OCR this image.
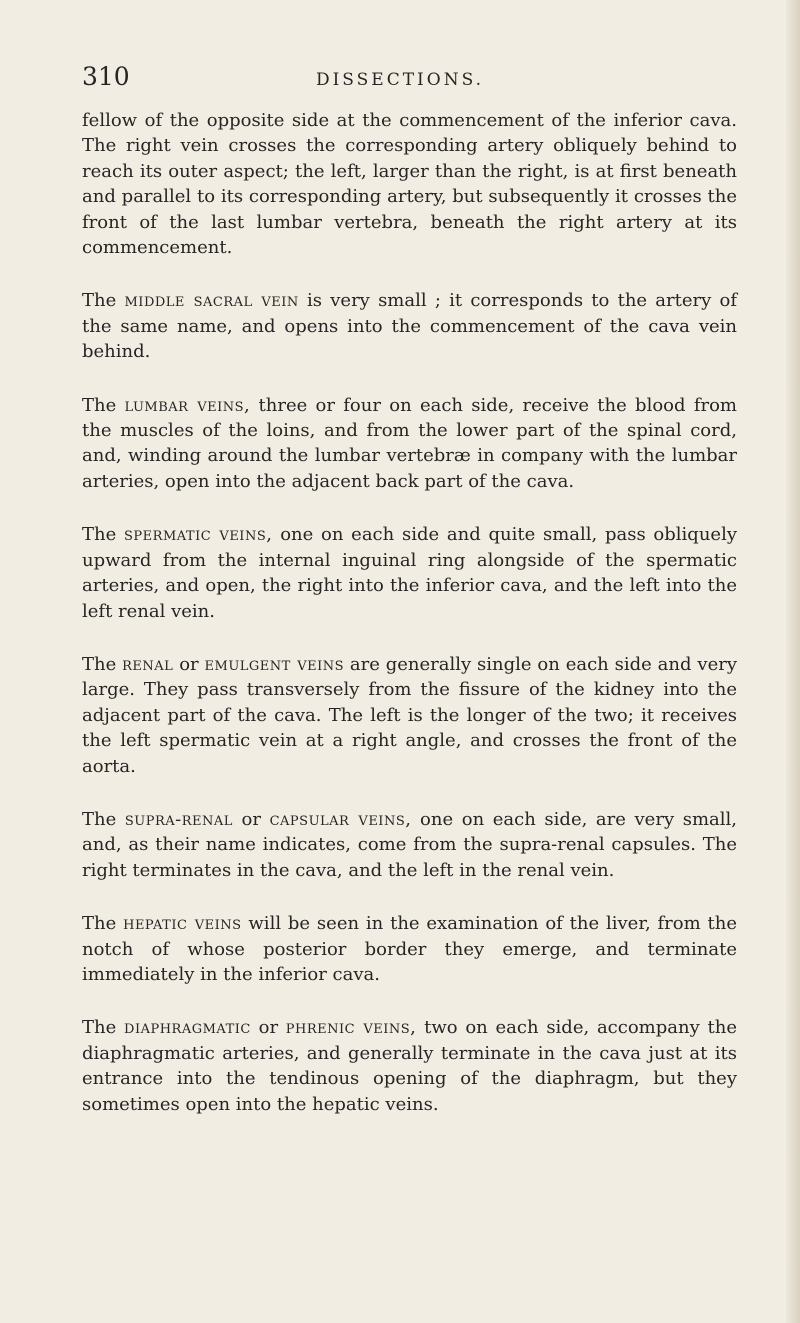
310	DISSECTIONS.

fellow of the opposite side at the commencement of the inferior cava. The right vein crosses the corresponding artery obliquely behind to reach its outer aspect; the left, larger than the right, is at first beneath and parallel to its corresponding artery, but subsequently it crosses the front of the last lumbar vertebra, beneath the right artery at its commencement.

The middle sacral vein is very small ; it corresponds to the artery of the same name, and opens into the commencement of the cava vein behind.

The lumbar veins, three or four on each side, receive the blood from the muscles of the loins, and from the lower part of the spinal cord, and, winding around the lumbar vertebræ in company with the lumbar arteries, open into the adjacent back part of the cava.

The spermatic veins, one on each side and quite small, pass obliquely upward from the internal inguinal ring alongside of the spermatic arteries, and open, the right into the inferior cava, and the left into the left renal vein.

The renal or emulgent veins are generally single on each side and very large. They pass transversely from the fissure of the kidney into the adjacent part of the cava. The left is the longer of the two; it receives the left spermatic vein at a right angle, and crosses the front of the aorta.

The supra-renal or capsular veins, one on each side, are very small, and, as their name indicates, come from the supra-renal capsules. The right terminates in the cava, and the left in the renal vein.

The hepatic veins will be seen in the examination of the liver, from the notch of whose posterior border they emerge, and terminate immediately in the inferior cava.

The diaphragmatic or phrenic veins, two on each side, accompany the diaphragmatic arteries, and generally terminate in the cava just at its entrance into the tendinous opening of the diaphragm, but they sometimes open into the hepatic veins.
